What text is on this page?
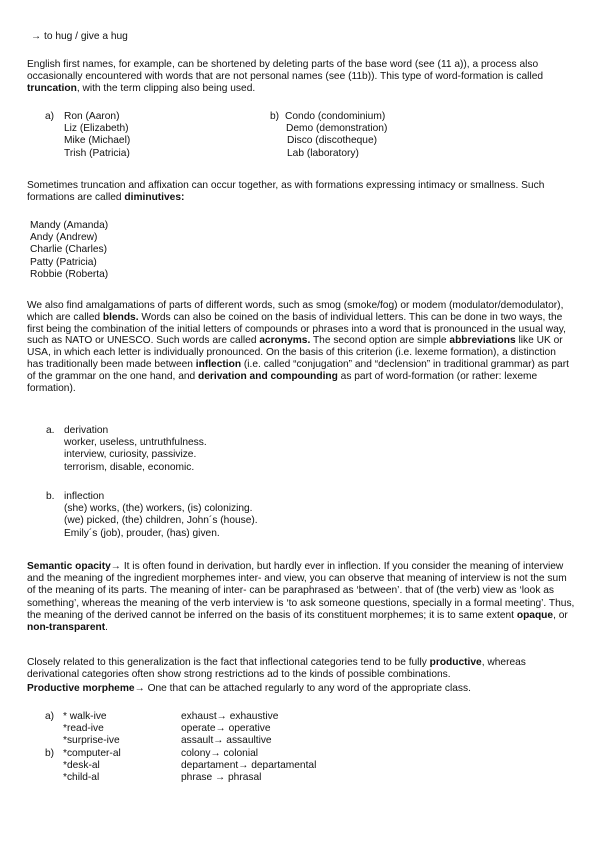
→ to hug / give a hug

English first names, for example, can be shortened by deleting parts of the base word (see (11 a)), a process also occasionally encountered with words that are not personal names (see (11b)). This type of word-formation is called truncation, with the term clipping also being used.

a) Ron (Aaron)
Liz (Elizabeth)
Mike (Michael)
Trish (Patricia)
b) Condo (condominium)
Demo (demonstration)
Disco (discotheque)
Lab (laboratory)

Sometimes truncation and affixation can occur together, as with formations expressing intimacy or smallness. Such formations are called diminutives:

Mandy (Amanda)
Andy (Andrew)
Charlie (Charles)
Patty (Patricia)
Robbie (Roberta)

We also find amalgamations of parts of different words, such as smog (smoke/fog) or modem (modulator/demodulator), which are called blends. Words can also be coined on the basis of individual letters. This can be done in two ways, the first being the combination of the initial letters of compounds or phrases into a word that is pronounced in the usual way, such as NATO or UNESCO. Such words are called acronyms. The second option are simple abbreviations like UK or USA, in which each letter is individually pronounced. On the basis of this criterion (i.e. lexeme formation), a distinction has traditionally been made between inflection (i.e. called “conjugation” and “declension” in traditional grammar) as part of the grammar on the one hand, and derivation and compounding as part of word-formation (or rather: lexeme formation).

a. derivation
worker, useless, untruthfulness.
interview, curiosity, passivize.
terrorism, disable, economic.
b. inflection
(she) works, (the) workers, (is) colonizing.
(we) picked, (the) children, John´s (house).
Emily´s (job), prouder, (has) given.

Semantic opacity→ It is often found in derivation, but hardly ever in inflection. If you consider the meaning of interview and the meaning of the ingredient morphemes inter- and view, you can observe that meaning of interview is not the sum of the meaning of its parts. The meaning of inter- can be paraphrased as ‘between’. that of (the verb) view as ‘look as something’, whereas the meaning of the verb interview is ‘to ask someone questions, specially in a formal meeting’. Thus, the meaning of the derived cannot be inferred on the basis of its constituent morphemes; it is to same extent opaque, or non-transparent.

Closely related to this generalization is the fact that inflectional categories tend to be fully productive, whereas derivational categories often show strong restrictions ad to the kinds of possible combinations.

Productive morpheme→ One that can be attached regularly to any word of the appropriate class.

a) * walk-ive	exhaust→ exhaustive
*read-ive	operate→ operative
*surprise-ive	assault→ assaultive
b) *computer-al	colony→ colonial
*desk-al	departament→ departamental
*child-al	phrase → phrasal
